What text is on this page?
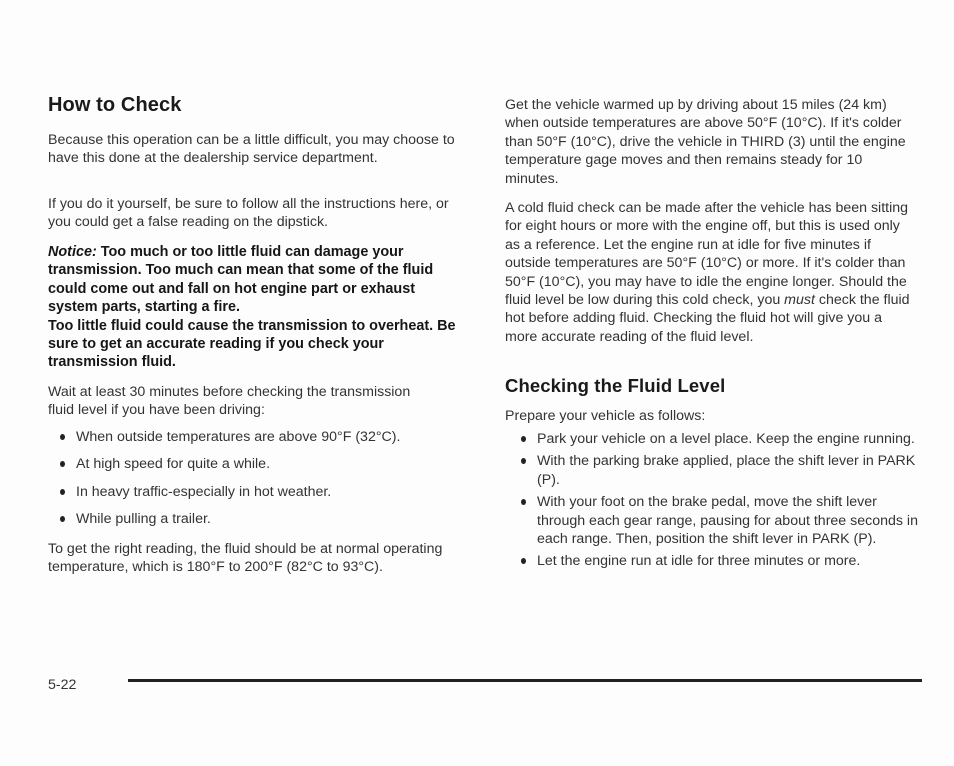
How to Check

Because this operation can be a little difficult, you may choose to have this done at the dealership service department.

If you do it yourself, be sure to follow all the instructions here, or you could get a false reading on the dipstick.

Notice: Too much or too little fluid can damage your transmission. Too much can mean that some of the fluid could come out and fall on hot engine part or exhaust system parts, starting a fire.
Too little fluid could cause the transmission to overheat. Be sure to get an accurate reading if you check your transmission fluid.

Wait at least 30 minutes before checking the transmission fluid level if you have been driving:

When outside temperatures are above 90°F (32°C).
At high speed for quite a while.
In heavy traffic-especially in hot weather.
While pulling a trailer.

To get the right reading, the fluid should be at normal operating temperature, which is 180°F to 200°F (82°C to 93°C).

Get the vehicle warmed up by driving about 15 miles (24 km) when outside temperatures are above 50°F (10°C). If it's colder than 50°F (10°C), drive the vehicle in THIRD (3) until the engine temperature gage moves and then remains steady for 10 minutes.

A cold fluid check can be made after the vehicle has been sitting for eight hours or more with the engine off, but this is used only as a reference. Let the engine run at idle for five minutes if outside temperatures are 50°F (10°C) or more. If it's colder than 50°F (10°C), you may have to idle the engine longer. Should the fluid level be low during this cold check, you must check the fluid hot before adding fluid. Checking the fluid hot will give you a more accurate reading of the fluid level.

Checking the Fluid Level

Prepare your vehicle as follows:

Park your vehicle on a level place. Keep the engine running.
With the parking brake applied, place the shift lever in PARK (P).
With your foot on the brake pedal, move the shift lever through each gear range, pausing for about three seconds in each range. Then, position the shift lever in PARK (P).
Let the engine run at idle for three minutes or more.
5-22
